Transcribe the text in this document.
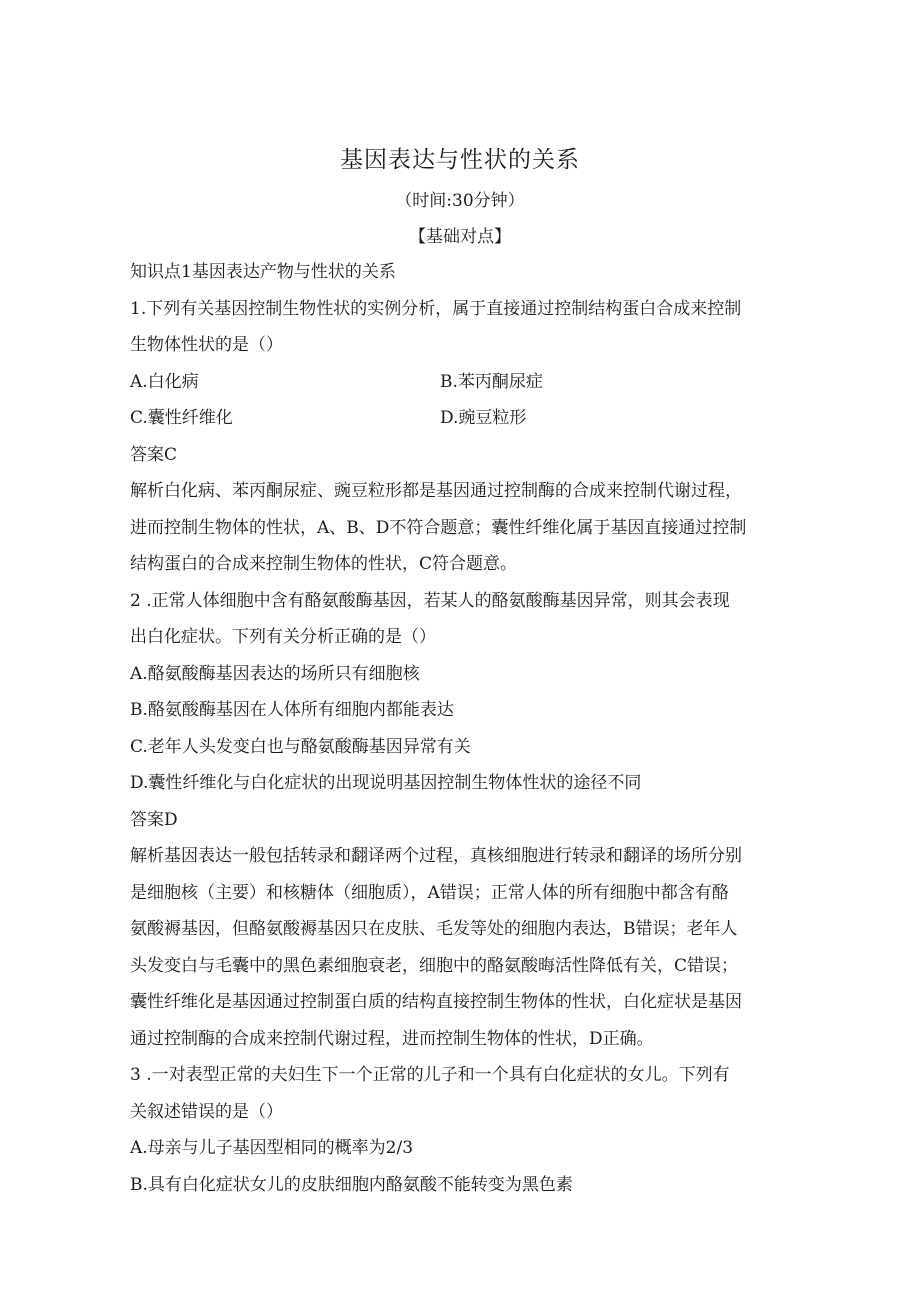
基因表达与性状的关系
（时间:30分钟）
【基础对点】
知识点1基因表达产物与性状的关系
1.下列有关基因控制生物性状的实例分析，属于直接通过控制结构蛋白合成来控制
生物体性状的是（）
A.白化病	B.苯丙酮尿症
C.囊性纤维化	D.豌豆粒形
答案C
解析白化病、苯丙酮尿症、豌豆粒形都是基因通过控制酶的合成来控制代谢过程，
进而控制生物体的性状，A、B、D不符合题意；囊性纤维化属于基因直接通过控制
结构蛋白的合成来控制生物体的性状，C符合题意。
2 .正常人体细胞中含有酪氨酸酶基因，若某人的酪氨酸酶基因异常，则其会表现
出白化症状。下列有关分析正确的是（）
A.酪氨酸酶基因表达的场所只有细胞核
B.酪氨酸酶基因在人体所有细胞内都能表达
C.老年人头发变白也与酪氨酸酶基因异常有关
D.囊性纤维化与白化症状的出现说明基因控制生物体性状的途径不同
答案D
解析基因表达一般包括转录和翻译两个过程，真核细胞进行转录和翻译的场所分别
是细胞核（主要）和核糖体（细胞质），A错误；正常人体的所有细胞中都含有酪
氨酸褥基因，但酪氨酸褥基因只在皮肤、毛发等处的细胞内表达，B错误；老年人
头发变白与毛囊中的黑色素细胞衰老，细胞中的酪氨酸晦活性降低有关，C错误；
囊性纤维化是基因通过控制蛋白质的结构直接控制生物体的性状，白化症状是基因
通过控制酶的合成来控制代谢过程，进而控制生物体的性状，D正确。
3 .一对表型正常的夫妇生下一个正常的儿子和一个具有白化症状的女儿。下列有
关叙述错误的是（）
A.母亲与儿子基因型相同的概率为2/3
B.具有白化症状女儿的皮肤细胞内酪氨酸不能转变为黑色素
